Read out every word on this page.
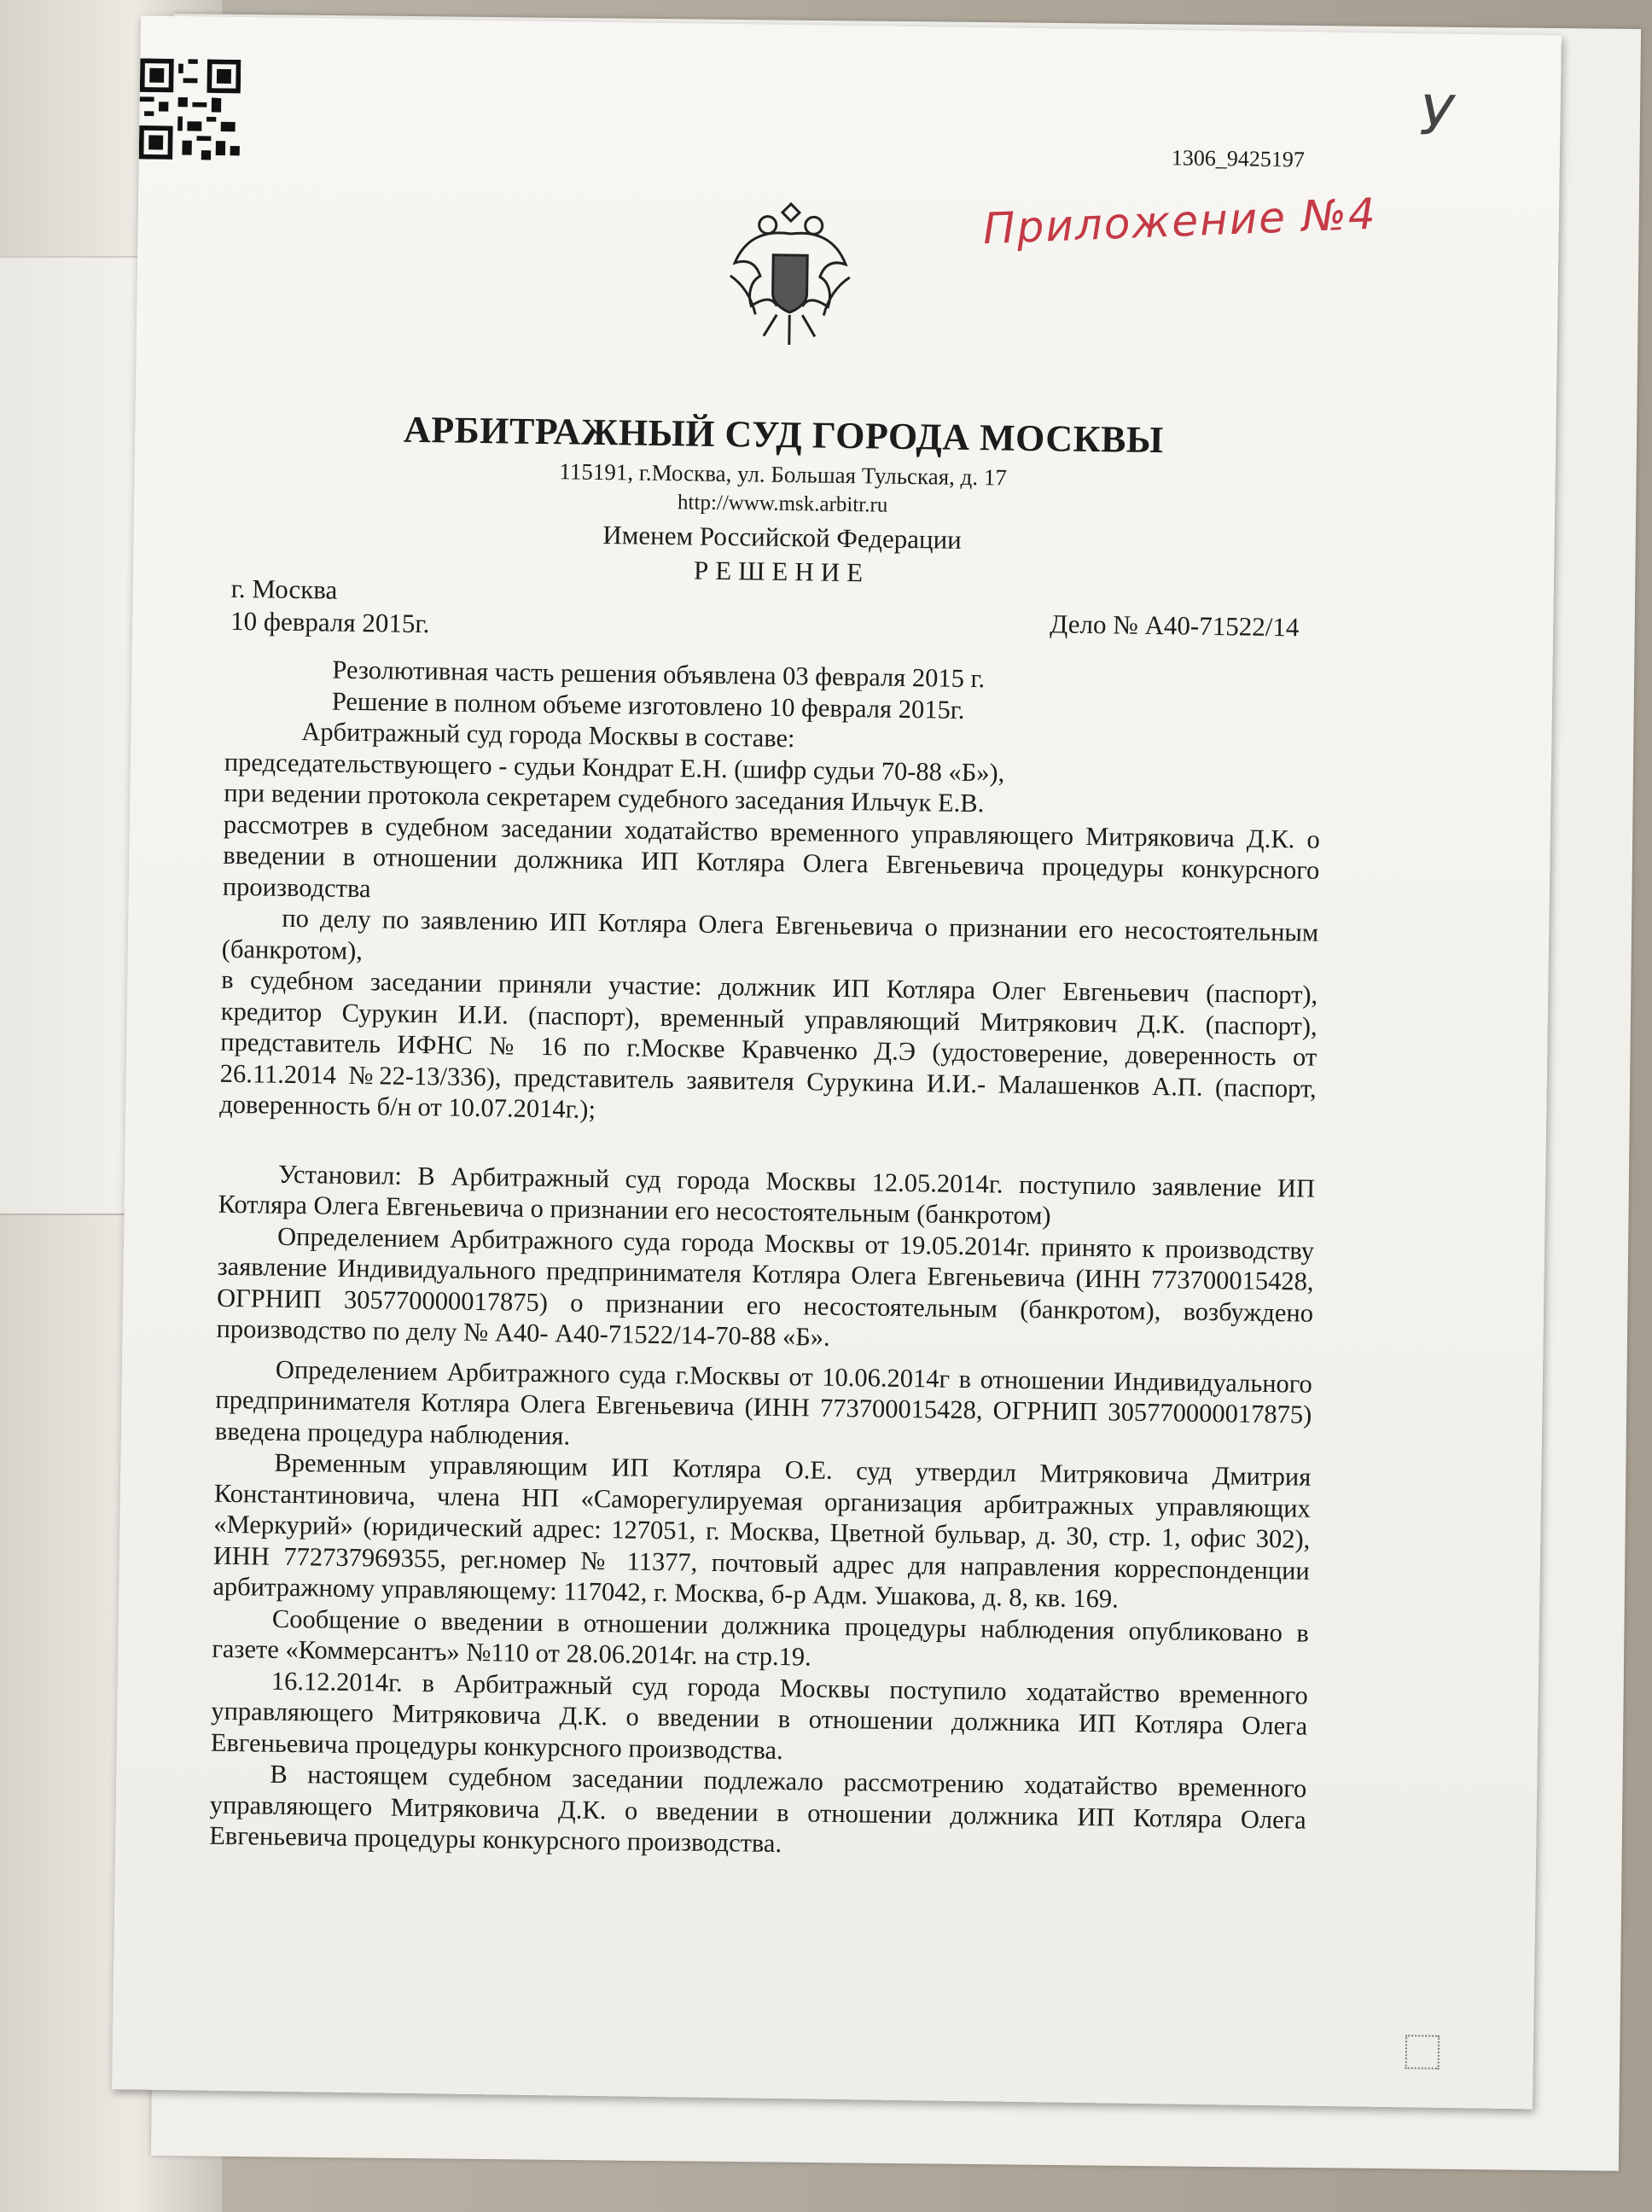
1306_9425197
Приложение №4
У
АРБИТРАЖНЫЙ СУД ГОРОДА МОСКВЫ
115191, г.Москва, ул. Большая Тульская, д. 17
http://www.msk.arbitr.ru
Именем Российской Федерации
РЕШЕНИЕ
г. Москва
10 февраля 2015г.	Дело № А40-71522/14

Резолютивная часть решения объявлена 03 февраля 2015 г.

Решение в полном объеме изготовлено 10 февраля 2015г.

Арбитражный суд города Москвы в составе:

председательствующего - судьи Кондрат Е.Н. (шифр судьи 70-88 «Б»),

при ведении протокола секретарем судебного заседания Ильчук Е.В.

рассмотрев в судебном заседании ходатайство временного управляющего Митряковича Д.К. о введении в отношении должника ИП Котляра Олега Евгеньевича процедуры конкурсного производства

по делу по заявлению ИП Котляра Олега Евгеньевича о признании его несостоятельным (банкротом),

в судебном заседании приняли участие: должник ИП Котляра Олег Евгеньевич (паспорт), кредитор Сурукин И.И. (паспорт), временный управляющий Митрякович Д.К. (паспорт), представитель ИФНС № 16 по г.Москве Кравченко Д.Э (удостоверение, доверенность от 26.11.2014 №22-13/336), представитель заявителя Сурукина И.И.- Малашенков А.П. (паспорт, доверенность б/н от 10.07.2014г.);

Установил: В Арбитражный суд города Москвы 12.05.2014г. поступило заявление ИП Котляра Олега Евгеньевича о признании его несостоятельным (банкротом)

Определением Арбитражного суда города Москвы от 19.05.2014г. принято к производству заявление Индивидуального предпринимателя Котляра Олега Евгеньевича (ИНН 773700015428, ОГРНИП 305770000017875) о признании его несостоятельным (банкротом), возбуждено производство по делу № А40- А40-71522/14-70-88 «Б».

Определением Арбитражного суда г.Москвы от 10.06.2014г в отношении Индивидуального предпринимателя Котляра Олега Евгеньевича (ИНН 773700015428, ОГРНИП 305770000017875) введена процедура наблюдения.

Временным управляющим ИП Котляра О.Е. суд утвердил Митряковича Дмитрия Константиновича, члена НП «Саморегулируемая организация арбитражных управляющих «Меркурий» (юридический адрес: 127051, г. Москва, Цветной бульвар, д. 30, стр. 1, офис 302), ИНН 772737969355, рег.номер № 11377, почтовый адрес для направления корреспонденции арбитражному управляющему: 117042, г. Москва, б-р Адм. Ушакова, д. 8, кв. 169.

Сообщение о введении в отношении должника процедуры наблюдения опубликовано в газете «Коммерсантъ» №110 от 28.06.2014г. на стр.19.

16.12.2014г. в Арбитражный суд города Москвы поступило ходатайство временного управляющего Митряковича Д.К. о введении в отношении должника ИП Котляра Олега Евгеньевича процедуры конкурсного производства.

В настоящем судебном заседании подлежало рассмотрению ходатайство временного управляющего Митряковича Д.К. о введении в отношении должника ИП Котляра Олега Евгеньевича процедуры конкурсного производства.
